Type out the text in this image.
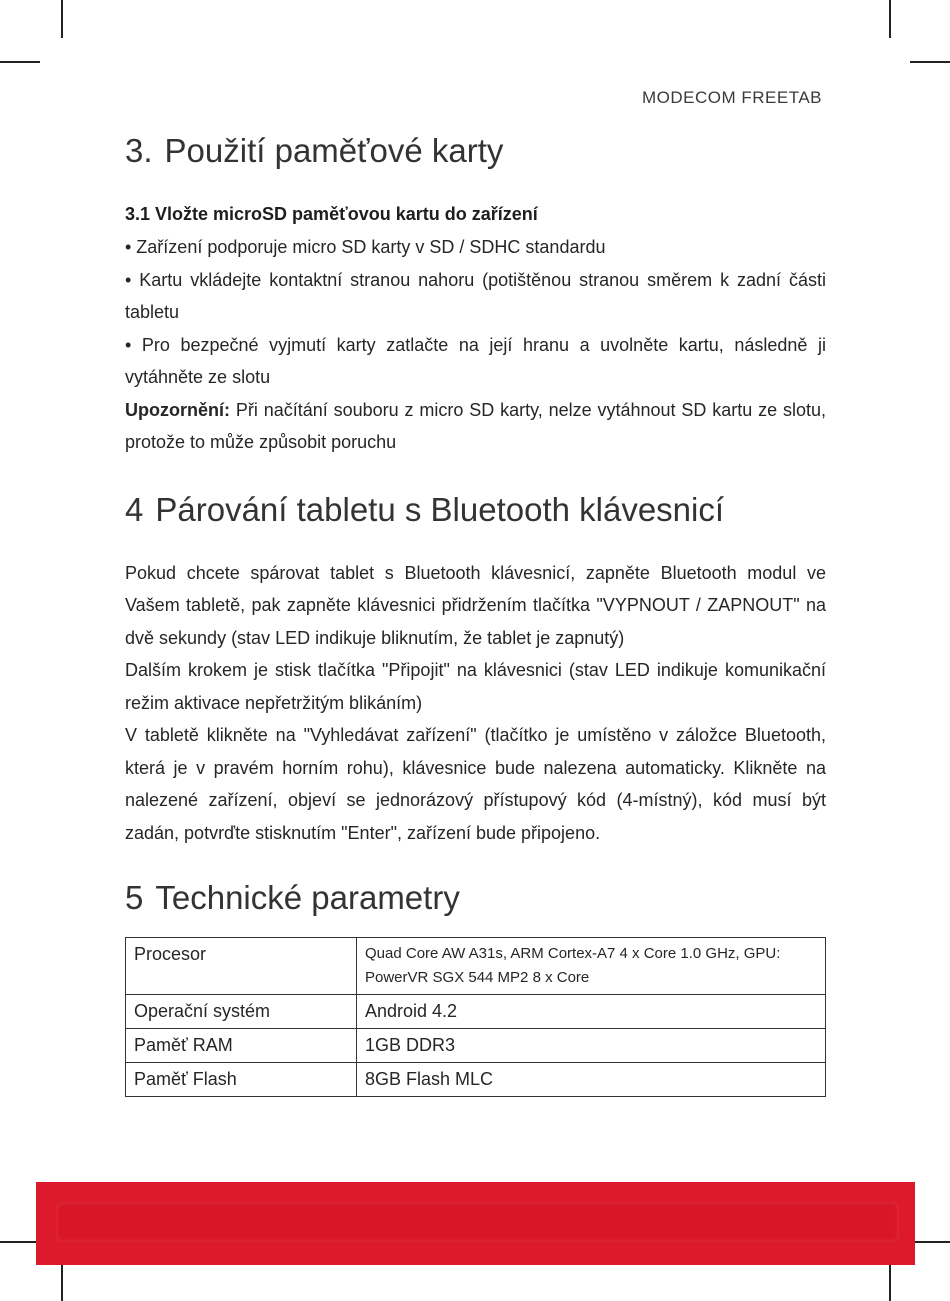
MODECOM FREETAB
3. Použití paměťové karty
3.1 Vložte microSD paměťovou kartu do zařízení

• Zařízení podporuje micro SD karty v SD / SDHC standardu

• Kartu vkládejte kontaktní stranou nahoru (potištěnou stranou směrem k zadní části tabletu

• Pro bezpečné vyjmutí karty zatlačte na její hranu a uvolněte kartu, následně ji vytáhněte ze slotu

Upozornění: Při načítání souboru z micro SD karty, nelze vytáhnout SD kartu ze slotu, protože to může způsobit poruchu

4 Párování tabletu s Bluetooth klávesnicí

Pokud chcete spárovat tablet s Bluetooth klávesnicí, zapněte Bluetooth modul ve Vašem tabletě, pak zapněte klávesnici přidržením tlačítka "VYPNOUT / ZAPNOUT" na dvě sekundy (stav LED indikuje bliknutím, že tablet je zapnutý)

Dalším krokem je stisk tlačítka "Připojit" na klávesnici (stav LED indikuje komunikační režim aktivace nepřetržitým blikáním)

V tabletě klikněte na "Vyhledávat zařízení" (tlačítko je umístěno v záložce Bluetooth, která je v pravém horním rohu), klávesnice bude nalezena automaticky. Klikněte na nalezené zařízení, objeví se jednorázový přístupový kód (4-místný), kód musí být zadán, potvrďte stisknutím "Enter", zařízení bude připojeno.

5 Technické parametry
Procesor	Quad Core AW A31s, ARM Cortex-A7 4 x Core 1.0 GHz, GPU: PowerVR SGX 544 MP2 8 x Core
Operační systém	Android 4.2
Paměť RAM	1GB DDR3
Paměť Flash	8GB Flash MLC
